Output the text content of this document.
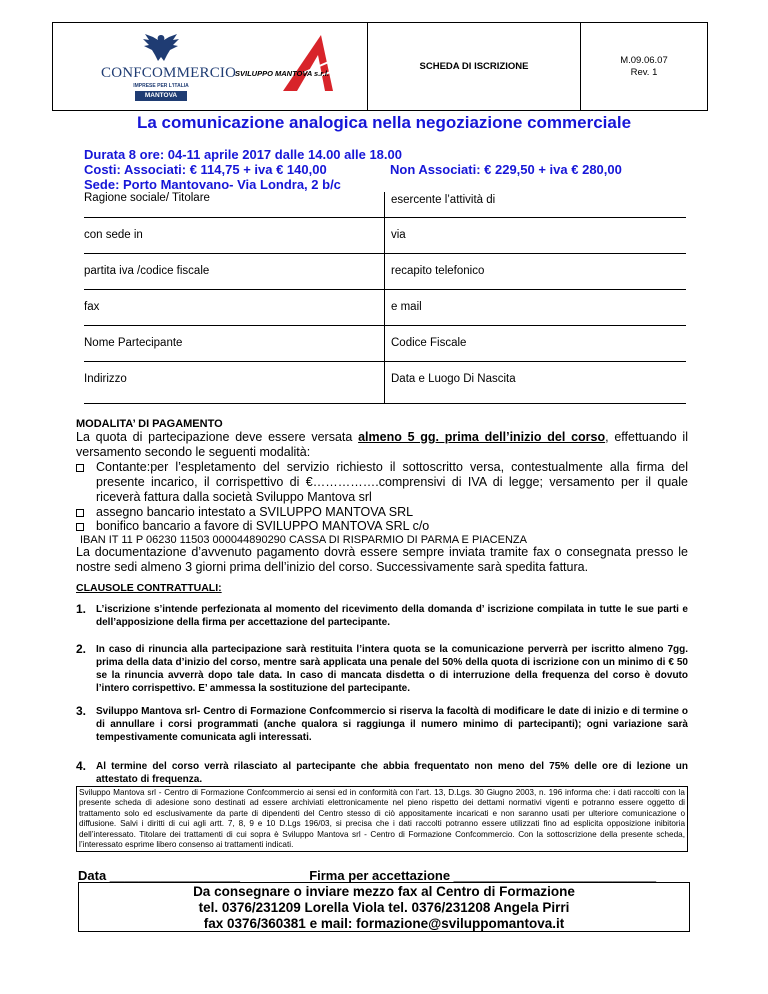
CONFCOMMERCIO
IMPRESE PER L'ITALIA
MANTOVA
SVILUPPO MANTOVA s.r.l.
SCHEDA DI ISCRIZIONE
M.09.06.07
Rev. 1
La comunicazione analogica nella negoziazione commerciale
Durata 8 ore: 04-11 aprile 2017 dalle 14.00 alle 18.00
Costi: Associati: € 114,75 + iva € 140,00	Non Associati: € 229,50 + iva € 280,00
Sede: Porto Mantovano- Via Londra, 2 b/c
Ragione sociale/ Titolare	esercente l’attività di
con sede in	via
partita iva /codice fiscale	recapito telefonico
fax	e mail
Nome Partecipante	Codice Fiscale
Indirizzo	Data e Luogo Di Nascita
MODALITA’ DI PAGAMENTO
La quota di partecipazione deve essere versata almeno 5 gg. prima dell’inizio del corso, effettuando il versamento secondo le seguenti modalità:
Contante:per l’espletamento del servizio richiesto il sottoscritto versa, contestualmente alla firma del presente incarico, il corrispettivo di €…………….comprensivi di IVA di legge; versamento per il quale riceverà fattura dalla società Sviluppo Mantova srl
assegno bancario intestato a SVILUPPO MANTOVA SRL
bonifico bancario a favore di SVILUPPO MANTOVA SRL c/o
IBAN IT 11 P 06230 11503 000044890290 CASSA DI RISPARMIO DI PARMA E PIACENZA
La documentazione d’avvenuto pagamento dovrà essere sempre inviata tramite fax o consegnata presso le nostre sedi almeno 3 giorni prima dell’inizio del corso. Successivamente sarà spedita fattura.
CLAUSOLE CONTRATTUALI:
1. L’iscrizione s’intende perfezionata al momento del ricevimento della domanda d’ iscrizione compilata in tutte le sue parti e dell’apposizione della firma per accettazione del partecipante.
2. In caso di rinuncia alla partecipazione sarà restituita l’intera quota se la comunicazione perverrà per iscritto almeno 7gg. prima della data d’inizio del corso, mentre sarà applicata una penale del 50% della quota di iscrizione con un minimo di € 50 se la rinuncia avverrà dopo tale data. In caso di mancata disdetta o di interruzione della frequenza del corso è dovuto l’intero corrispettivo. E’ ammessa la sostituzione del partecipante.
3. Sviluppo Mantova srl- Centro di Formazione Confcommercio si riserva la facoltà di modificare le date di inizio e di termine o di annullare i corsi programmati (anche qualora si raggiunga il numero minimo di partecipanti); ogni variazione sarà tempestivamente comunicata agli interessati.
4. Al termine del corso verrà rilasciato al partecipante che abbia frequentato non meno del 75% delle ore di lezione un attestato di frequenza.
Sviluppo Mantova srl - Centro di Formazione Confcommercio ai sensi ed in conformità con l’art. 13, D.Lgs. 30 Giugno 2003, n. 196 informa che: i dati raccolti con la presente scheda di adesione sono destinati ad essere archiviati elettronicamente nel pieno rispetto dei dettami normativi vigenti e potranno essere oggetto di trattamento solo ed esclusivamente da parte di dipendenti del Centro stesso di ciò appositamente incaricati e non saranno usati per ulteriore comunicazione o diffusione. Salvi i diritti di cui agli artt. 7, 8, 9 e 10 D.Lgs 196/03, si precisa che i dati raccolti potranno essere utilizzati fino ad esplicita opposizione inibitoria dell’interessato. Titolare dei trattamenti di cui sopra è Sviluppo Mantova srl - Centro di Formazione Confcommercio. Con la sottoscrizione della presente scheda, l’interessato esprime libero consenso ai trattamenti indicati.
Data __________________	Firma per accettazione ____________________________
Da consegnare o inviare mezzo fax al Centro di Formazione
tel. 0376/231209 Lorella Viola tel. 0376/231208 Angela Pirri
fax 0376/360381 e mail: formazione@sviluppomantova.it
